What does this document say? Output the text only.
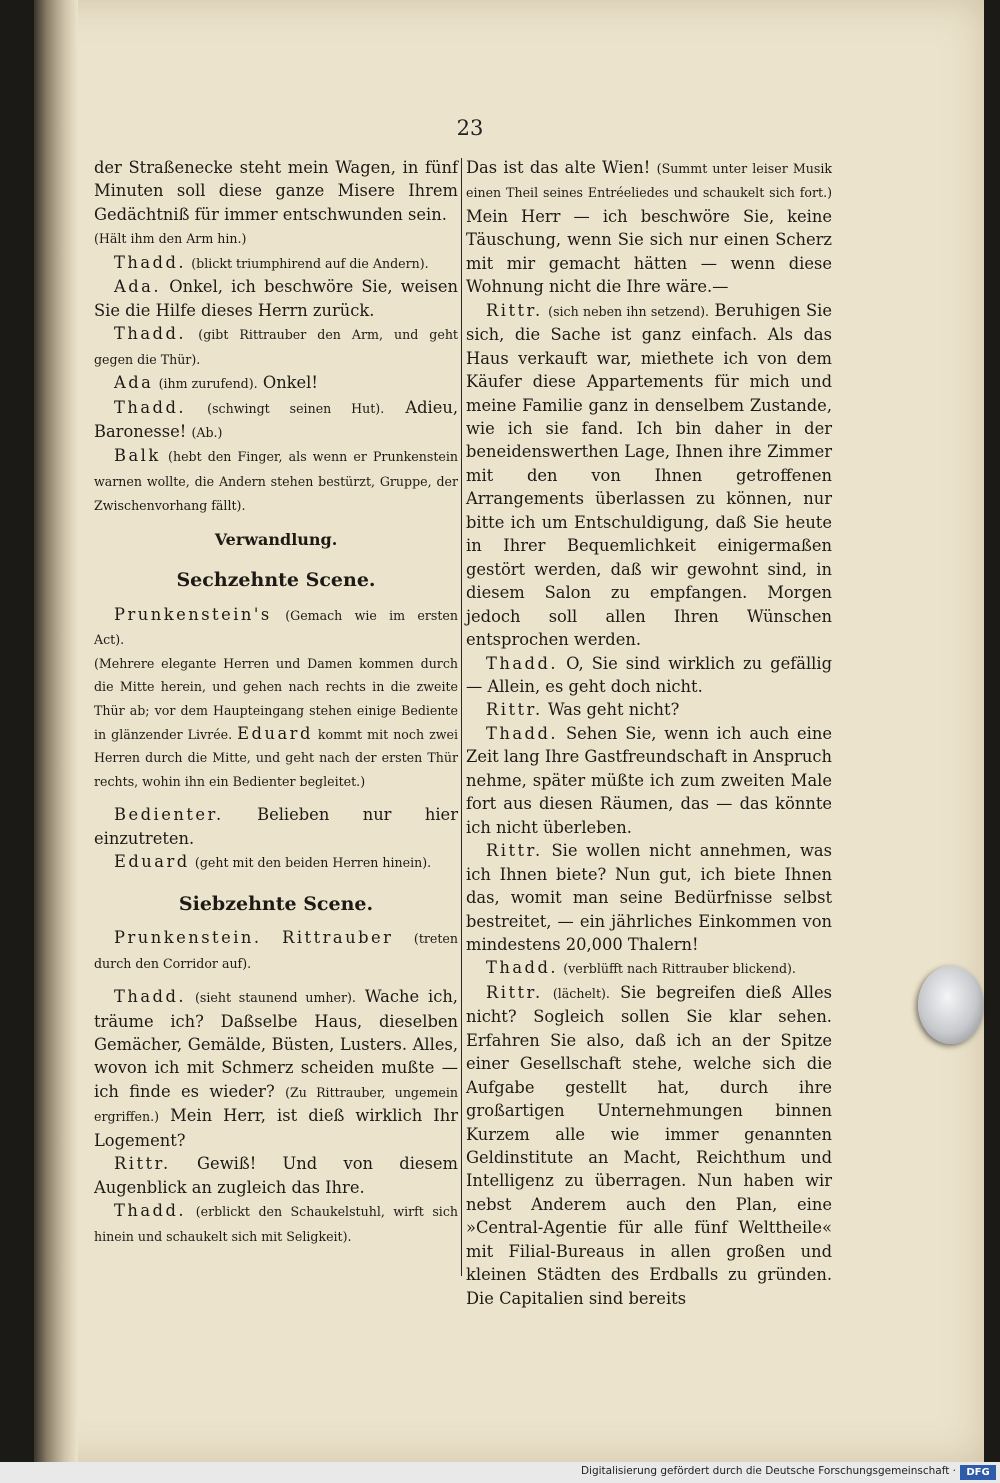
23

der Straßenecke steht mein Wagen, in fünf Minuten soll diese ganze Misere Ihrem Gedächtniß für immer entschwunden sein.
(Hält ihm den Arm hin.)

Thadd. (blickt triumphirend auf die Andern).

Ada. Onkel, ich beschwöre Sie, weisen Sie die Hilfe dieses Herrn zurück.

Thadd. (gibt Rittrauber den Arm, und geht gegen die Thür).

Ada (ihm zurufend). Onkel!

Thadd. (schwingt seinen Hut). Adieu, Baronesse! (Ab.)

Balk (hebt den Finger, als wenn er Prunkenstein warnen wollte, die Andern stehen bestürzt, Gruppe, der Zwischenvorhang fällt).

Verwandlung.

Sechzehnte Scene.

Prunkenstein's (Gemach wie im ersten Act).

(Mehrere elegante Herren und Damen kommen durch die Mitte herein, und gehen nach rechts in die zweite Thür ab; vor dem Haupteingang stehen einige Bediente in glänzender Livrée. Eduard kommt mit noch zwei Herren durch die Mitte, und geht nach der ersten Thür rechts, wohin ihn ein Bedienter begleitet.)

Bedienter. Belieben nur hier einzutreten.

Eduard (geht mit den beiden Herren hinein).

Siebzehnte Scene.

Prunkenstein. Rittrauber (treten durch den Corridor auf).

Thadd. (sieht staunend umher). Wache ich, träume ich? Daßselbe Haus, dieselben Gemächer, Gemälde, Büsten, Lusters. Alles, wovon ich mit Schmerz scheiden mußte — ich finde es wieder? (Zu Rittrauber, ungemein ergriffen.) Mein Herr, ist dieß wirklich Ihr Logement?

Rittr. Gewiß! Und von diesem Augenblick an zugleich das Ihre.

Thadd. (erblickt den Schaukelstuhl, wirft sich hinein und schaukelt sich mit Seligkeit).

Das ist das alte Wien! (Summt unter leiser Musik einen Theil seines Entréeliedes und schaukelt sich fort.) Mein Herr — ich beschwöre Sie, keine Täuschung, wenn Sie sich nur einen Scherz mit mir gemacht hätten — wenn diese Wohnung nicht die Ihre wäre.—

Rittr. (sich neben ihn setzend). Beruhigen Sie sich, die Sache ist ganz einfach. Als das Haus verkauft war, miethete ich von dem Käufer diese Appartements für mich und meine Familie ganz in denselbem Zustande, wie ich sie fand. Ich bin daher in der beneidenswerthen Lage, Ihnen ihre Zimmer mit den von Ihnen getroffenen Arrangements überlassen zu können, nur bitte ich um Entschuldigung, daß Sie heute in Ihrer Bequemlichkeit einigermaßen gestört werden, daß wir gewohnt sind, in diesem Salon zu empfangen. Morgen jedoch soll allen Ihren Wünschen entsprochen werden.

Thadd. O, Sie sind wirklich zu gefällig — Allein, es geht doch nicht.

Rittr. Was geht nicht?

Thadd. Sehen Sie, wenn ich auch eine Zeit lang Ihre Gastfreundschaft in Anspruch nehme, später müßte ich zum zweiten Male fort aus diesen Räumen, das — das könnte ich nicht überleben.

Rittr. Sie wollen nicht annehmen, was ich Ihnen biete? Nun gut, ich biete Ihnen das, womit man seine Bedürfnisse selbst bestreitet, — ein jährliches Einkommen von mindestens 20,000 Thalern!

Thadd. (verblüfft nach Rittrauber blickend).

Rittr. (lächelt). Sie begreifen dieß Alles nicht? Sogleich sollen Sie klar sehen. Erfahren Sie also, daß ich an der Spitze einer Gesellschaft stehe, welche sich die Aufgabe gestellt hat, durch ihre großartigen Unternehmungen binnen Kurzem alle wie immer genannten Geldinstitute an Macht, Reichthum und Intelligenz zu überragen. Nun haben wir nebst Anderem auch den Plan, eine »Central-Agentie für alle fünf Welttheile« mit Filial-Bureaus in allen großen und kleinen Städten des Erdballs zu gründen. Die Capitalien sind bereits

Digitalisierung gefördert durch die Deutsche Forschungsgemeinschaft ·	DFG
